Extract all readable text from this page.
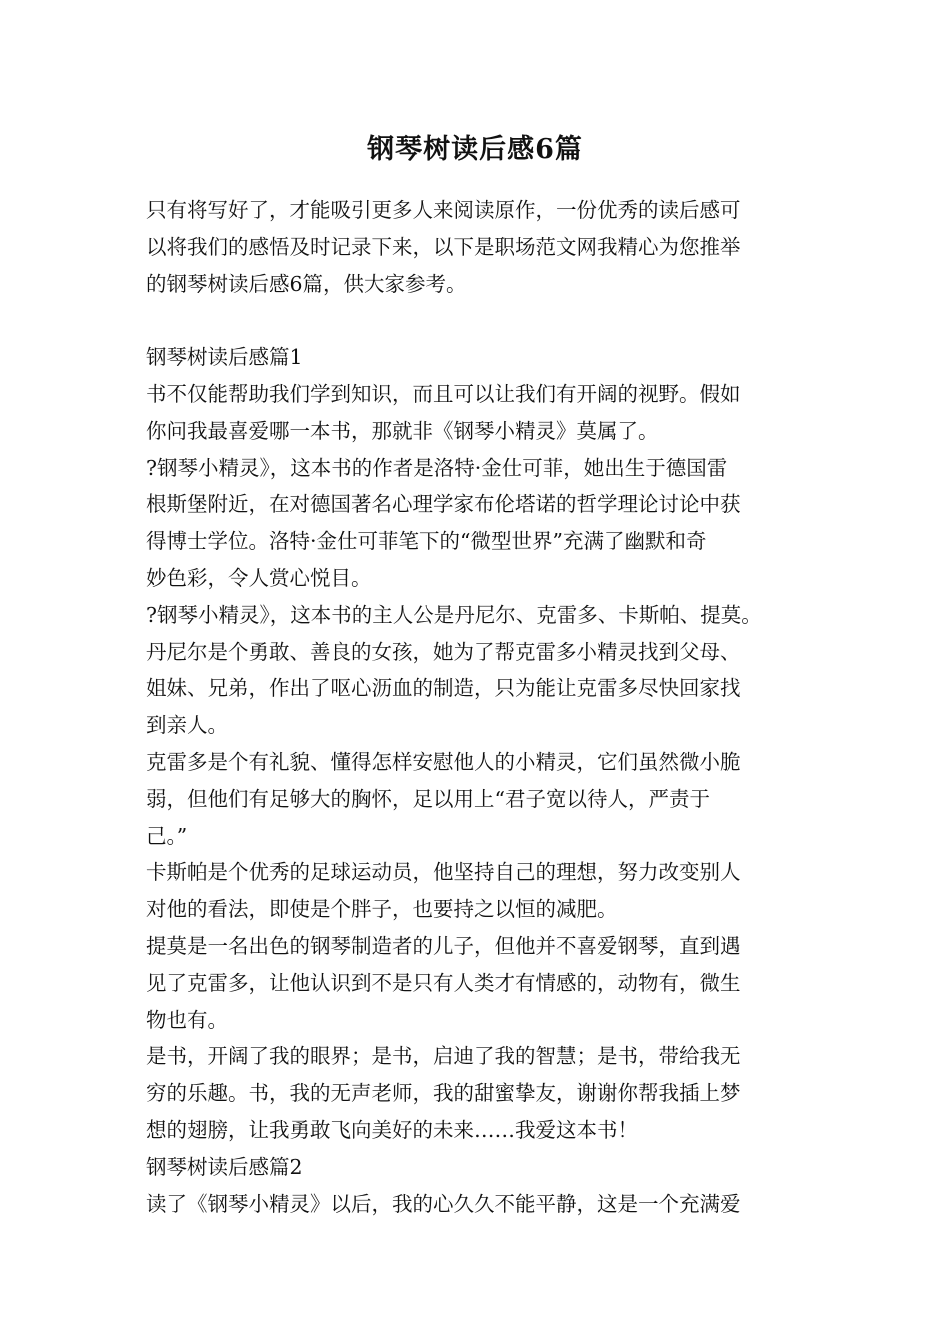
钢琴树读后感6篇
只有将写好了，才能吸引更多人来阅读原作，一份优秀的读后感可
以将我们的感悟及时记录下来，以下是职场范文网我精心为您推举
的钢琴树读后感6篇，供大家参考。
钢琴树读后感篇1
书不仅能帮助我们学到知识，而且可以让我们有开阔的视野。假如
你问我最喜爱哪一本书，那就非《钢琴小精灵》莫属了。
?钢琴小精灵》，这本书的作者是洛特·金仕可菲，她出生于德国雷
根斯堡附近，在对德国著名心理学家布伦塔诺的哲学理论讨论中获
得博士学位。洛特·金仕可菲笔下的“微型世界”充满了幽默和奇
妙色彩，令人赏心悦目。
?钢琴小精灵》，这本书的主人公是丹尼尔、克雷多、卡斯帕、提莫。
丹尼尔是个勇敢、善良的女孩，她为了帮克雷多小精灵找到父母、
姐妹、兄弟，作出了呕心沥血的制造，只为能让克雷多尽快回家找
到亲人。
克雷多是个有礼貌、懂得怎样安慰他人的小精灵，它们虽然微小脆
弱，但他们有足够大的胸怀，足以用上“君子宽以待人，严责于
己。”
卡斯帕是个优秀的足球运动员，他坚持自己的理想，努力改变别人
对他的看法，即使是个胖子，也要持之以恒的减肥。
提莫是一名出色的钢琴制造者的儿子，但他并不喜爱钢琴，直到遇
见了克雷多，让他认识到不是只有人类才有情感的，动物有，微生
物也有。
是书，开阔了我的眼界；是书，启迪了我的智慧；是书，带给我无
穷的乐趣。书，我的无声老师，我的甜蜜挚友，谢谢你帮我插上梦
想的翅膀，让我勇敢飞向美好的未来……我爱这本书！
钢琴树读后感篇2
读了《钢琴小精灵》以后，我的心久久不能平静，这是一个充满爱
